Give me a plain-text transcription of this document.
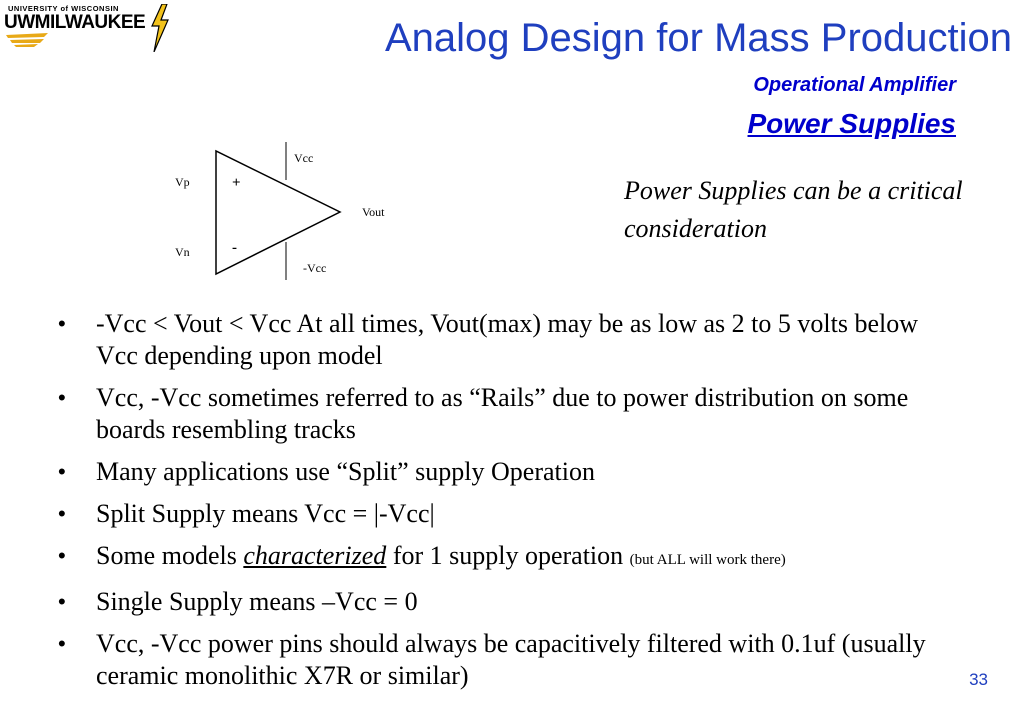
UNIVERSITY of WISCONSIN
UWMILWAUKEE	Analog Design for Mass Production
Operational Amplifier
Power Supplies
Vcc
Vp	+
Vout
Vn	-
-Vcc
Power Supplies can be a critical consideration
• -Vcc < Vout < Vcc At all times, Vout(max) may be as low as 2 to 5 volts below Vcc depending upon model
• Vcc, -Vcc sometimes referred to as “Rails” due to power distribution on some boards resembling tracks
• Many applications use “Split” supply Operation
• Split Supply means Vcc = |-Vcc|
• Some models characterized for 1 supply operation (but ALL will work there)
• Single Supply means –Vcc = 0
• Vcc, -Vcc power pins should always be capacitively filtered with 0.1uf (usually ceramic monolithic X7R or similar)	33
